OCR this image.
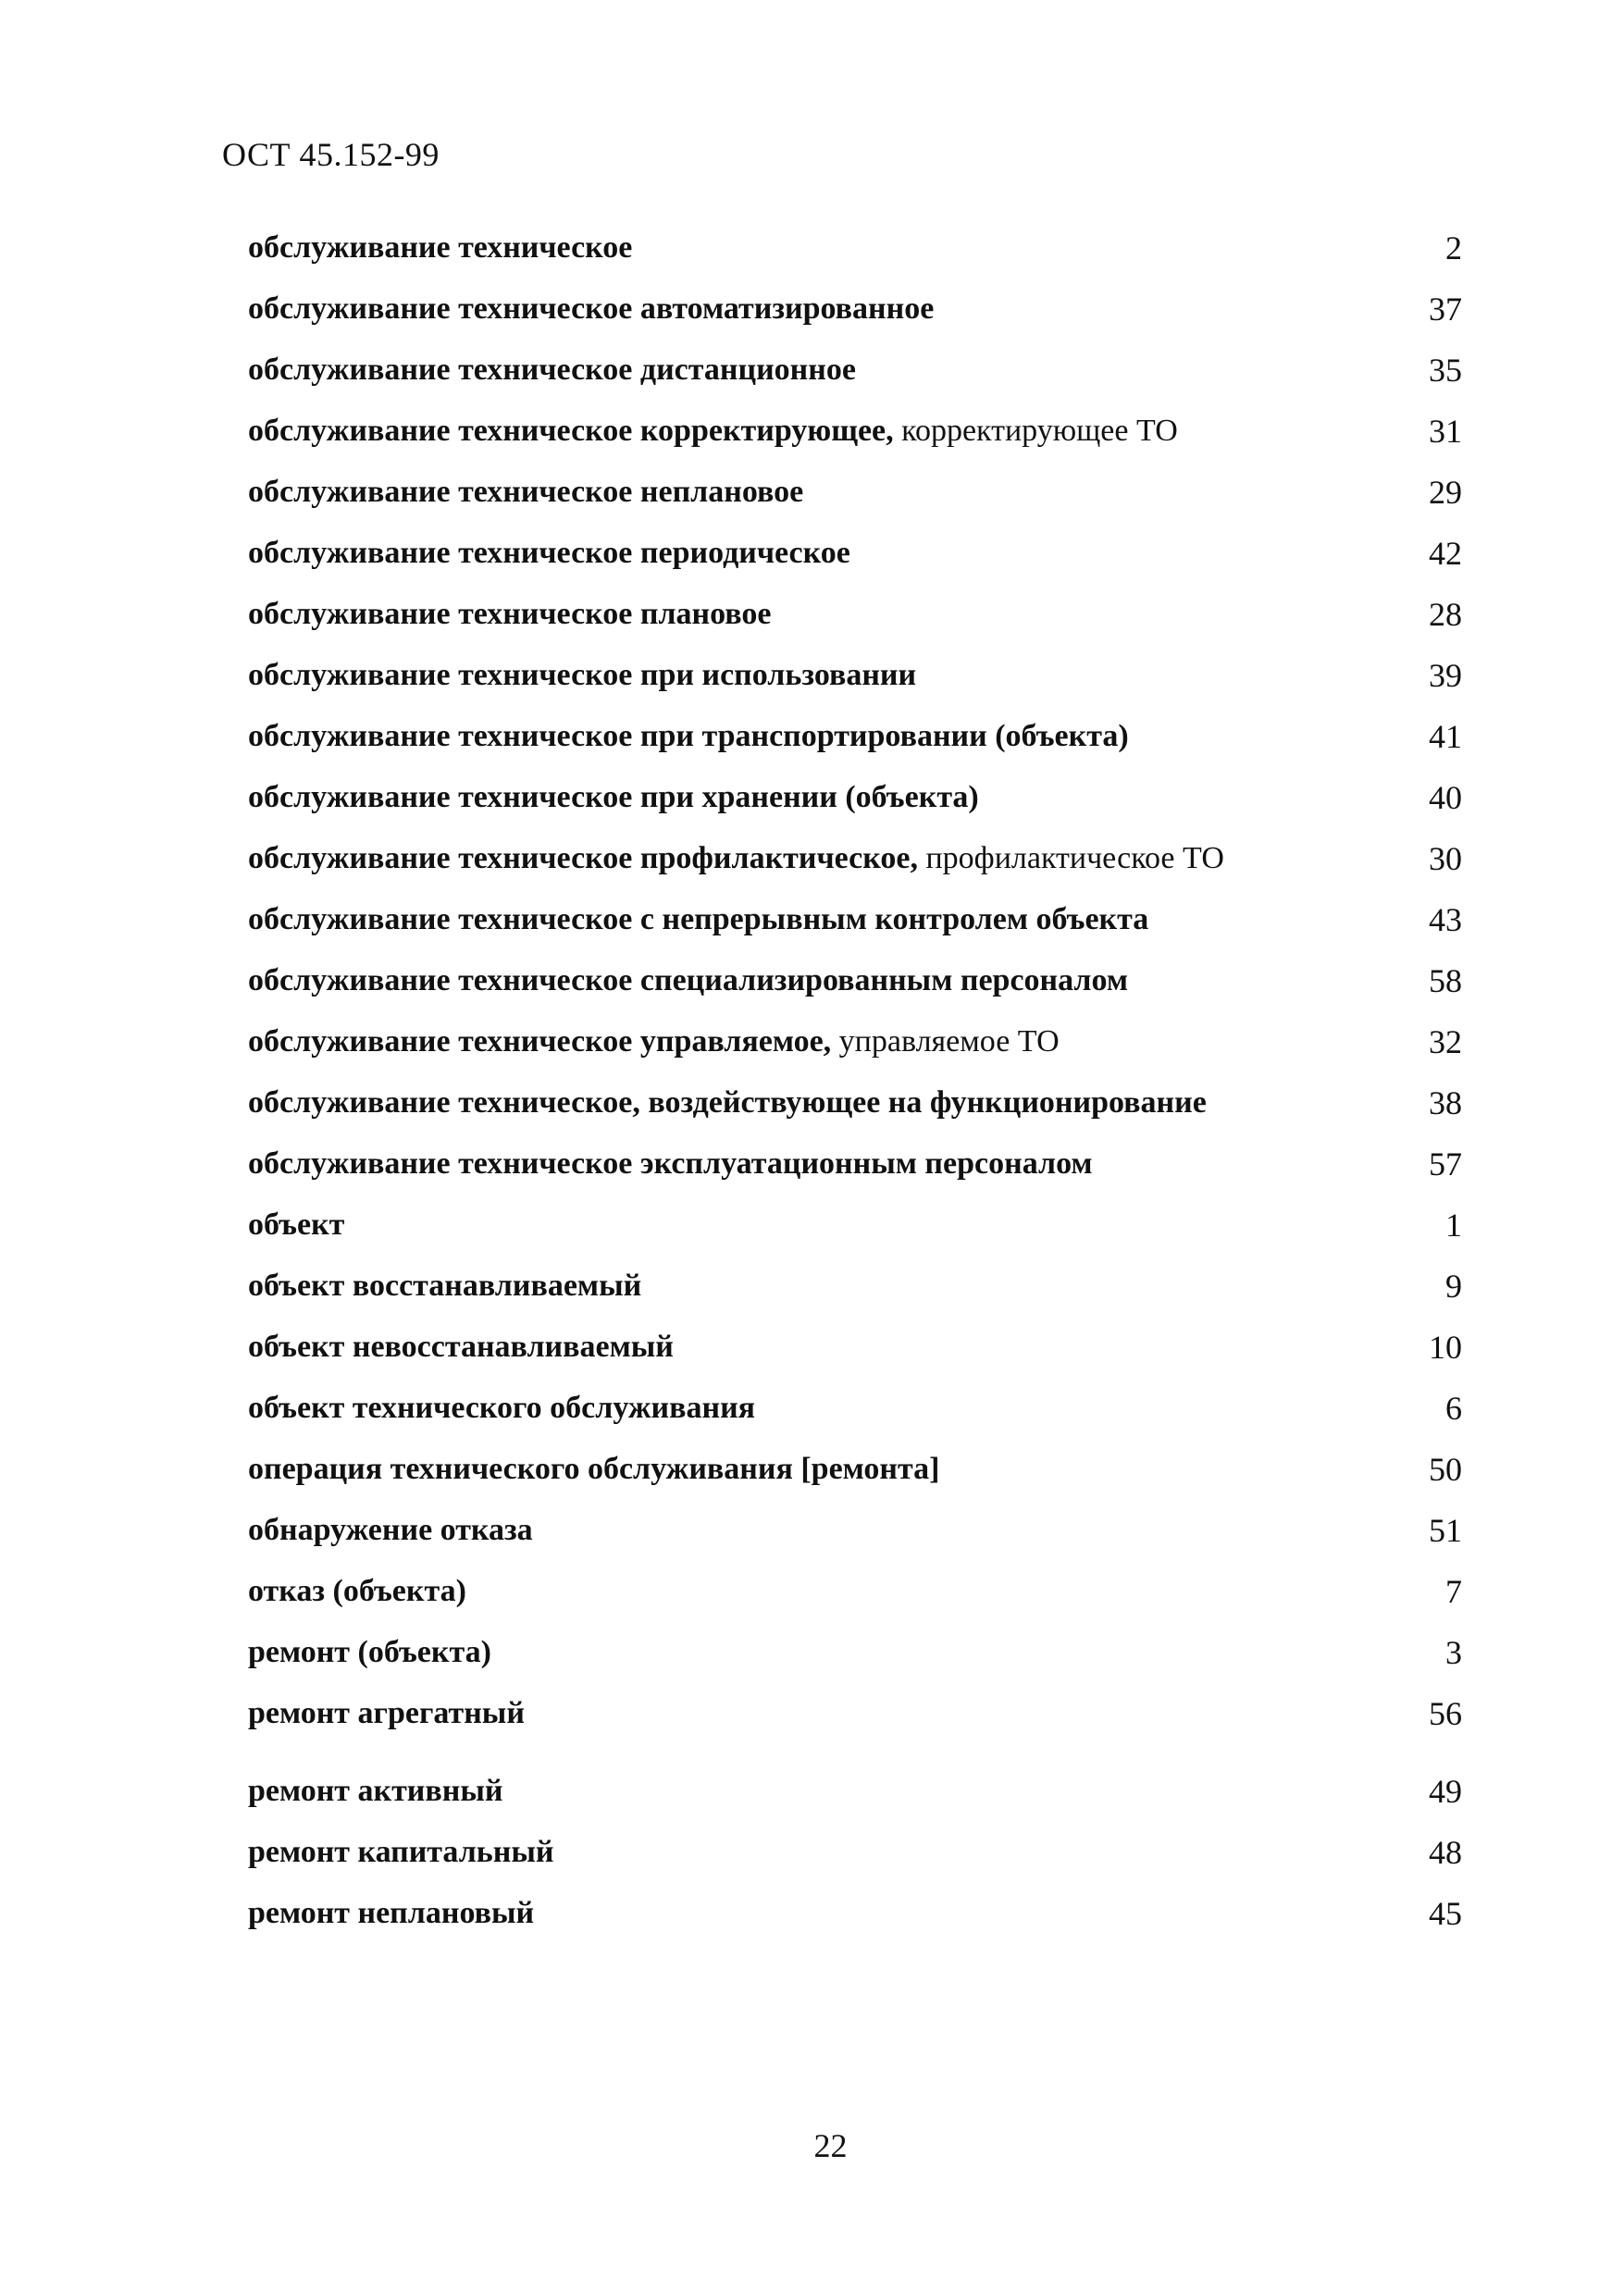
ОСТ 45.152-99
обслуживание техническое	2
обслуживание техническое автоматизированное	37
обслуживание техническое дистанционное	35
обслуживание техническое корректирующее, корректирующее ТО	31
обслуживание техническое неплановое	29
обслуживание техническое периодическое	42
обслуживание техническое плановое	28
обслуживание техническое при использовании	39
обслуживание техническое при транспортировании (объекта)	41
обслуживание техническое при хранении (объекта)	40
обслуживание техническое профилактическое, профилактическое ТО	30
обслуживание техническое с непрерывным контролем объекта	43
обслуживание техническое специализированным персоналом	58
обслуживание техническое управляемое, управляемое ТО	32
обслуживание техническое, воздействующее на функционирование	38
обслуживание техническое эксплуатационным персоналом	57
объект	1
объект восстанавливаемый	9
объект невосстанавливаемый	10
объект технического обслуживания	6
операция технического обслуживания [ремонта]	50
обнаружение отказа	51
отказ (объекта)	7
ремонт (объекта)	3
ремонт агрегатный	56
ремонт активный	49
ремонт капитальный	48
ремонт неплановый	45
22
